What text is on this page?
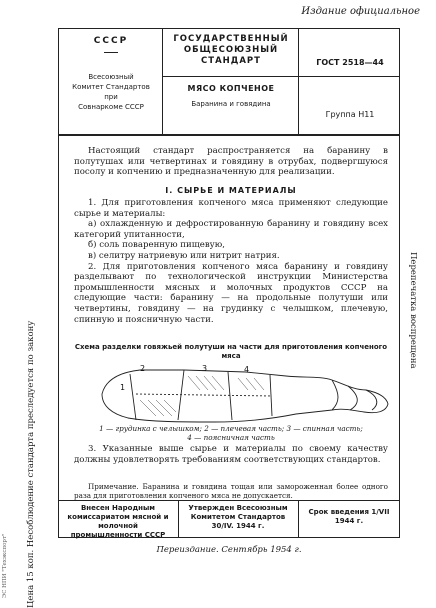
Издание официальное
Цена 15 коп. Несоблюдение стандарта преследуется по закону
Перепечатка воспрещена
ЭС НПИ "Техэкспорт"
СССР
Всесоюзный
Комитет Стандартов
при
Совнаркоме СССР
ГОСУДАРСТВЕННЫЙ
ОБЩЕСОЮЗНЫЙ СТАНДАРТ	ГОСТ 2518—44
МЯСО КОПЧЕНОЕ
Баранина и говядина
Группа Н11

Настоящий стандарт распространяется на баранину в полутушах или четвертинах и говядину в отрубах, подвергшуюся посолу и копчению и предназначенную для реализации.

I. СЫРЬЕ И МАТЕРИАЛЫ

1. Для приготовления копченого мяса применяют следующие сырье и материалы:

а) охлажденную и дефростированную баранину и говядину всех категорий упитанности,

б) соль поваренную пищевую,

в) селитру натриевую или нитрит натрия.

2. Для приготовления копченого мяса баранину и говядину разделывают по технологической инструкции Министерства промышленности мясных и молочных продуктов СССР на следующие части: баранину — на продольные полутуши или четвертины, говядину — на грудинку с челышком, плечевую, спинную и поясничную части.

Схема разделки говяжьей полутуши на части для приготовления копченого мяса
2
1
3	4
1 — грудинка с челышком; 2 — плечевая часть; 3 — спинная часть;
4 — поясничная часть

3. Указанные выше сырье и материалы по своему качеству должны удовлетворять требованиям соответствующих стандартов.

Примечание. Баранина и говядина тощая или замороженная более одного раза для приготовления копченого мяса не допускается.
Внесен Народным комиссариатом мясной и молочной промышленности СССР
Утвержден Всесоюзным Комитетом Стандартов 30/IV. 1944 г.
Срок введения 1/VII 1944 г.
Переиздание. Сентябрь 1954 г.
